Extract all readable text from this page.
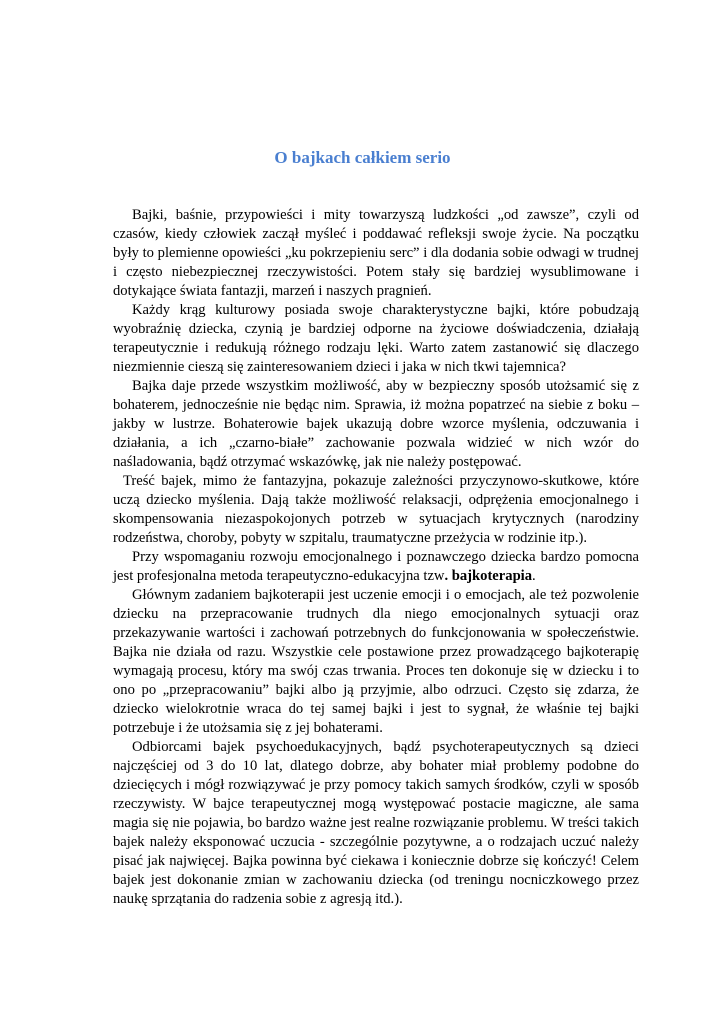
O bajkach całkiem serio

Bajki, baśnie, przypowieści i mity towarzyszą ludzkości „od zawsze”, czyli od czasów, kiedy człowiek zaczął myśleć i poddawać refleksji swoje życie. Na początku były to plemienne opowieści „ku pokrzepieniu serc” i dla dodania sobie odwagi w trudnej i często niebezpiecznej rzeczywistości. Potem stały się bardziej wysublimowane i dotykające świata fantazji, marzeń i naszych pragnień.

Każdy krąg kulturowy posiada swoje charakterystyczne bajki, które pobudzają wyobraźnię dziecka, czynią je bardziej odporne na życiowe doświadczenia, działają terapeutycznie i redukują różnego rodzaju lęki. Warto zatem zastanowić się dlaczego niezmiennie cieszą się zainteresowaniem dzieci i jaka w nich tkwi tajemnica?

Bajka daje przede wszystkim możliwość, aby w bezpieczny sposób utożsamić się z bohaterem, jednocześnie nie będąc nim. Sprawia, iż można popatrzeć na siebie z boku – jakby w lustrze. Bohaterowie bajek ukazują dobre wzorce myślenia, odczuwania i działania, a ich „czarno-białe” zachowanie pozwala widzieć w nich wzór do naśladowania, bądź otrzymać wskazówkę, jak nie należy postępować.

Treść bajek, mimo że fantazyjna, pokazuje zależności przyczynowo-skutkowe, które uczą dziecko myślenia. Dają także możliwość relaksacji, odprężenia emocjonalnego i skompensowania niezaspokojonych potrzeb w sytuacjach krytycznych (narodziny rodzeństwa, choroby, pobyty w szpitalu, traumatyczne przeżycia w rodzinie itp.).

Przy wspomaganiu rozwoju emocjonalnego i poznawczego dziecka bardzo pomocna jest profesjonalna metoda terapeutyczno-edukacyjna tzw. bajkoterapia.

Głównym zadaniem bajkoterapii jest uczenie emocji i o emocjach, ale też pozwolenie dziecku na przepracowanie trudnych dla niego emocjonalnych sytuacji oraz przekazywanie wartości i zachowań potrzebnych do funkcjonowania w społeczeństwie. Bajka nie działa od razu. Wszystkie cele postawione przez prowadzącego bajkoterapię wymagają procesu, który ma swój czas trwania. Proces ten dokonuje się w dziecku i to ono po „przepracowaniu” bajki albo ją przyjmie, albo odrzuci. Często się zdarza, że dziecko wielokrotnie wraca do tej samej bajki i jest to sygnał, że właśnie tej bajki potrzebuje i że utożsamia się z jej bohaterami.

Odbiorcami bajek psychoedukacyjnych, bądź psychoterapeutycznych są dzieci najczęściej od 3 do 10 lat, dlatego dobrze, aby bohater miał problemy podobne do dziecięcych i mógł rozwiązywać je przy pomocy takich samych środków, czyli w sposób rzeczywisty. W bajce terapeutycznej mogą występować postacie magiczne, ale sama magia się nie pojawia, bo bardzo ważne jest realne rozwiązanie problemu. W treści takich bajek należy eksponować uczucia - szczególnie pozytywne, a o rodzajach uczuć należy pisać jak najwięcej. Bajka powinna być ciekawa i koniecznie dobrze się kończyć! Celem bajek jest dokonanie zmian w zachowaniu dziecka (od treningu nocniczkowego przez naukę sprzątania do radzenia sobie z agresją itd.).
